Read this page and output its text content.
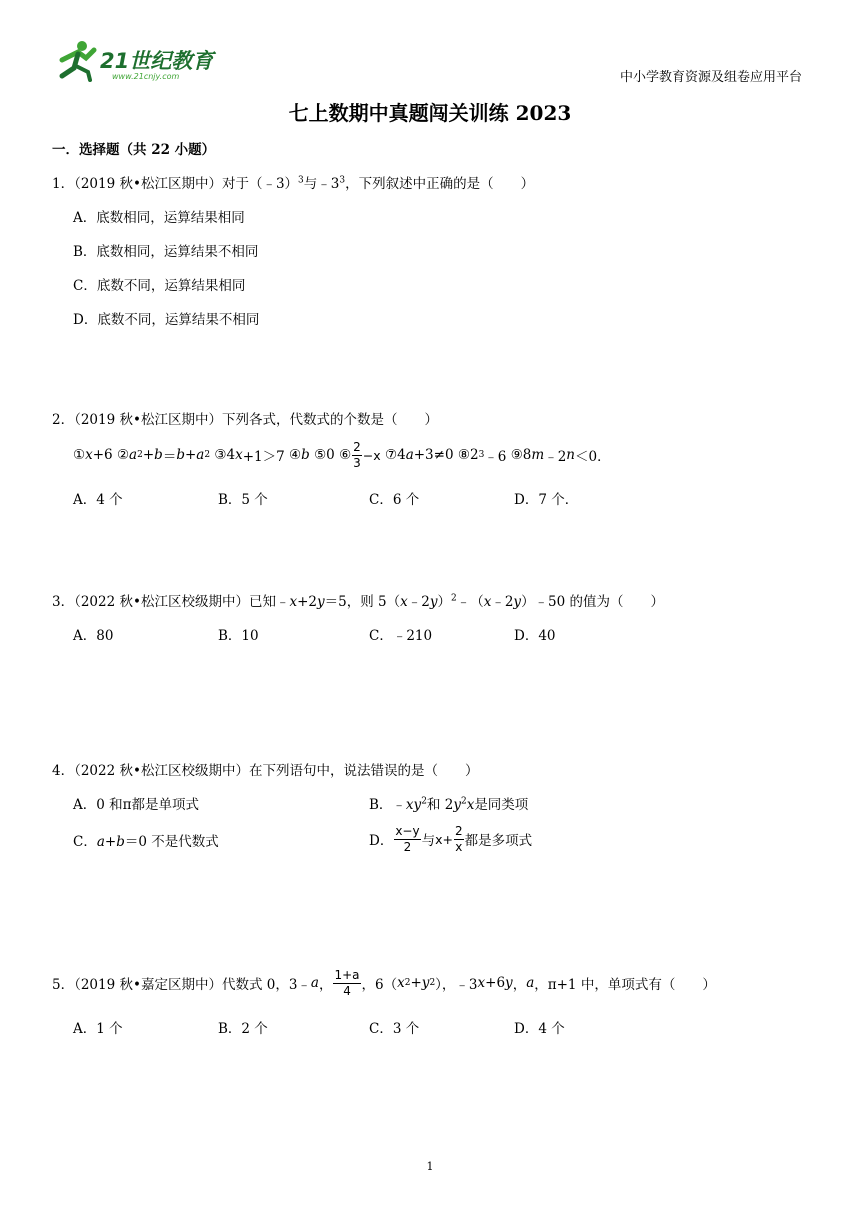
21世纪教育
www.21cnjy.com	中小学教育资源及组卷应用平台
七上数期中真题闯关训练 2023
一．选择题（共 22 小题）
1．（2019 秋•松江区期中）对于（﹣3）$^3$与$﹣3^3$，下列叙述中正确的是（　　）
A．底数相同，运算结果相同
B．底数相同，运算结果不相同
C．底数不同，运算结果相同
D．底数不同，运算结果不相同
2．（2019 秋•松江区期中）下列各式，代数式的个数是（　　）
① x +6
② a 2 + b ＝ b + a 2
③ 4 x +1＞7
④ b
⑤ 0
⑥ $\frac{2}{3} -x$
⑦ 4 a +3≠0
⑧ 2 3 ﹣6
⑨ 8 m ﹣2 n ＜0．
A．4 个	B．5 个	C．6 个	D．7 个．
3．（2022 秋•松江区校级期中）已知﹣x+2y＝5，则 5（x﹣2y）$^2$﹣（x﹣2y）﹣50 的值为（　　）
A．80	B．10	C．﹣210	D．40
4．（2022 秋•松江区校级期中）在下列语句中，说法错误的是（　　）
A．0 和π都是单项式	B．$﹣xy^2$和 $2y^2x$是同类项
C．a+b＝0 不是代数式	D． $\frac{x-y}{2}$ 与 $x+ \frac{2}{x}$ 都是多项式
5．（2019 秋•嘉定区期中）代数式 0，3﹣ a ， $\frac{1+a}{4}$ ，6（ x 2 + y 2 ），﹣3 x +6 y ， a ，π+1 中，单项式有（　　）
A．1 个	B．2 个	C．3 个	D．4 个
1
